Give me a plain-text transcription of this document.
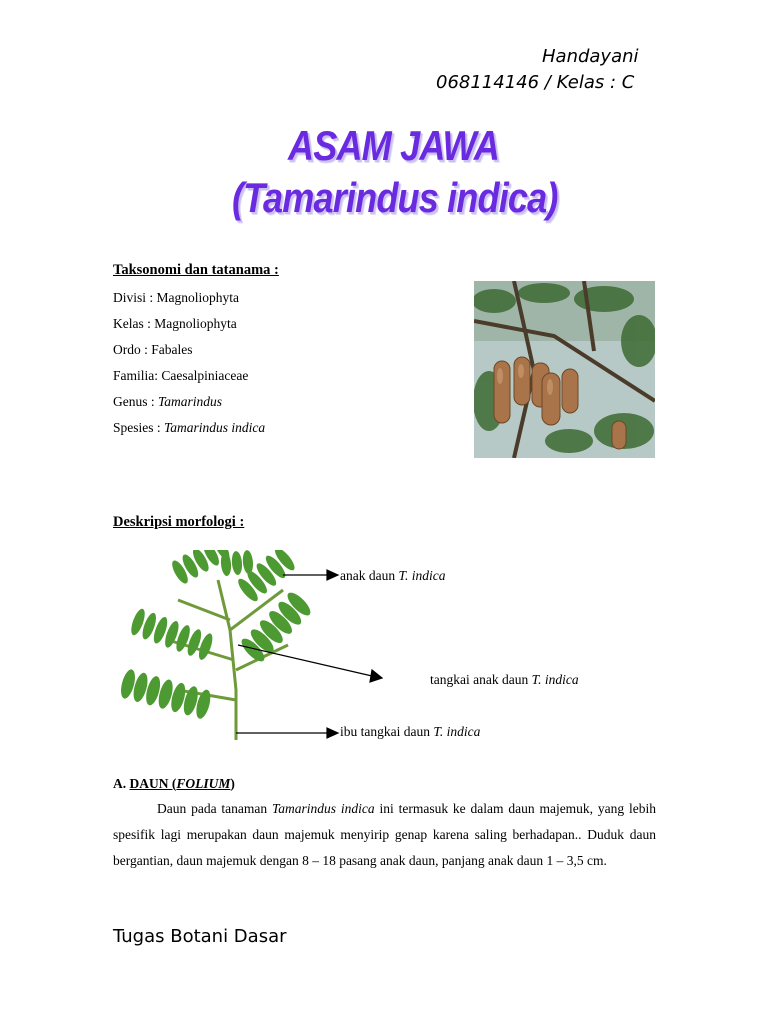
Handayani
068114146 / Kelas : C
ASAM JAWA
(Tamarindus indica)
Taksonomi dan tatanama :
Divisi : Magnoliophyta
Kelas : Magnoliophyta
Ordo : Fabales
Familia: Caesalpiniaceae
Genus : Tamarindus
Spesies : Tamarindus indica
Deskripsi morfologi :
anak daun T. indica
tangkai anak daun T. indica
ibu tangkai daun T. indica
A. DAUN (FOLIUM)
Daun pada tanaman Tamarindus indica ini termasuk ke dalam daun majemuk, yang lebih spesifik lagi merupakan daun majemuk menyirip genap karena saling berhadapan.. Duduk daun bergantian, daun majemuk dengan 8 – 18 pasang anak daun, panjang anak daun 1 – 3,5 cm.
Tugas Botani Dasar
